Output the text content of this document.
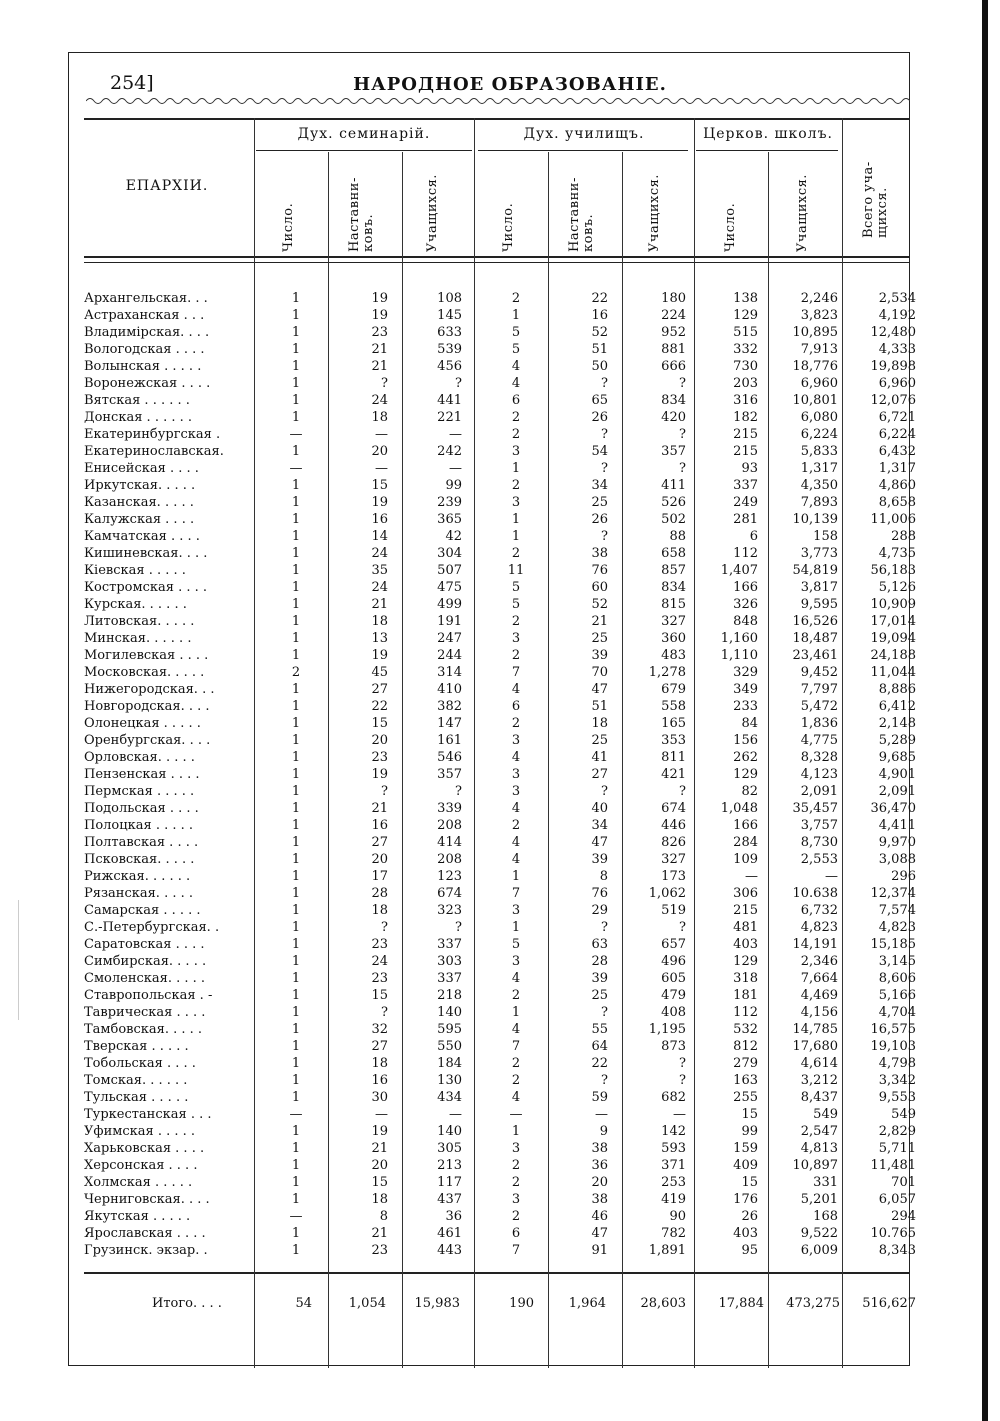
254]	НАРОДНОЕ ОБРАЗОВАНІЕ.
ЕПАРХІИ.
Дух. семинарій.	Дух. училищъ.	Церков. школъ.
Число.	Наставни-
ковъ.	Учащихся.	Число.	Наставни-
ковъ.	Учащихся.	Число.	Учащихся.	Всего уча-
щихся.
Архангельская. . .	1	19	108	2	22	180	138	2,246	2,534
Астраханская . . .	1	19	145	1	16	224	129	3,823	4,192
Владимірская. . . .	1	23	633	5	52	952	515	10,895	12,480
Вологодская . . . .	1	21	539	5	51	881	332	7,913	4,333
Волынская . . . . .	1	21	456	4	50	666	730	18,776	19,898
Воронежская . . . .	1	?	?	4	?	?	203	6,960	6,960
Вятская . . . . . .	1	24	441	6	65	834	316	10,801	12,076
Донская . . . . . .	1	18	221	2	26	420	182	6,080	6,721
Екатеринбургская .	—	—	—	2	?	?	215	6,224	6,224
Екатеринославская.	1	20	242	3	54	357	215	5,833	6,432
Енисейская . . . .	—	—	—	1	?	?	93	1,317	1,317
Иркутская. . . . .	1	15	99	2	34	411	337	4,350	4,860
Казанская. . . . .	1	19	239	3	25	526	249	7,893	8,658
Калужская . . . .	1	16	365	1	26	502	281	10,139	11,006
Камчатская . . . .	1	14	42	1	?	88	6	158	288
Кишиневская. . . .	1	24	304	2	38	658	112	3,773	4,735
Кіевская . . . . .	1	35	507	11	76	857	1,407	54,819	56,183
Костромская . . . .	1	24	475	5	60	834	166	3,817	5,126
Курская. . . . . .	1	21	499	5	52	815	326	9,595	10,909
Литовская. . . . .	1	18	191	2	21	327	848	16,526	17,014
Минская. . . . . .	1	13	247	3	25	360	1,160	18,487	19,094
Могилевская . . . .	1	19	244	2	39	483	1,110	23,461	24,188
Московская. . . . .	2	45	314	7	70	1,278	329	9,452	11,044
Нижегородская. . .	1	27	410	4	47	679	349	7,797	8,886
Новгородская. . . .	1	22	382	6	51	558	233	5,472	6,412
Олонецкая . . . . .	1	15	147	2	18	165	84	1,836	2,148
Оренбургская. . . .	1	20	161	3	25	353	156	4,775	5,289
Орловская. . . . .	1	23	546	4	41	811	262	8,328	9,685
Пензенская . . . .	1	19	357	3	27	421	129	4,123	4,901
Пермская . . . . .	1	?	?	3	?	?	82	2,091	2,091
Подольская . . . .	1	21	339	4	40	674	1,048	35,457	36,470
Полоцкая . . . . .	1	16	208	2	34	446	166	3,757	4,411
Полтавская . . . .	1	27	414	4	47	826	284	8,730	9,970
Псковская. . . . .	1	20	208	4	39	327	109	2,553	3,088
Рижская. . . . . .	1	17	123	1	8	173	—	—	296
Рязанская. . . . .	1	28	674	7	76	1,062	306	10.638	12,374
Самарская . . . . .	1	18	323	3	29	519	215	6,732	7,574
С.-Петербургская. .	1	?	?	1	?	?	481	4,823	4,823
Саратовская . . . .	1	23	337	5	63	657	403	14,191	15,185
Симбирская. . . . .	1	24	303	3	28	496	129	2,346	3,145
Смоленская. . . . .	1	23	337	4	39	605	318	7,664	8,606
Ставропольская . -	1	15	218	2	25	479	181	4,469	5,166
Таврическая . . . .	1	?	140	1	?	408	112	4,156	4,704
Тамбовская. . . . .	1	32	595	4	55	1,195	532	14,785	16,575
Тверская . . . . .	1	27	550	7	64	873	812	17,680	19,103
Тобольская . . . .	1	18	184	2	22	?	279	4,614	4,798
Томская. . . . . .	1	16	130	2	?	?	163	3,212	3,342
Тульская . . . . .	1	30	434	4	59	682	255	8,437	9,553
Туркестанская . . .	—	—	—	—	—	—	15	549	549
Уфимская . . . . .	1	19	140	1	9	142	99	2,547	2,829
Харьковская . . . .	1	21	305	3	38	593	159	4,813	5,711
Херсонская . . . .	1	20	213	2	36	371	409	10,897	11,481
Холмская . . . . .	1	15	117	2	20	253	15	331	701
Черниговская. . . .	1	18	437	3	38	419	176	5,201	6,057
Якутская . . . . .	—	8	36	2	46	90	26	168	294
Ярославская . . . .	1	21	461	6	47	782	403	9,522	10.765
Грузинск. экзар. .	1	23	443	7	91	1,891	95	6,009	8,343
Итого. . . .	54	1,054	15,983	190	1,964	28,603	17,884	473,275	516,627
